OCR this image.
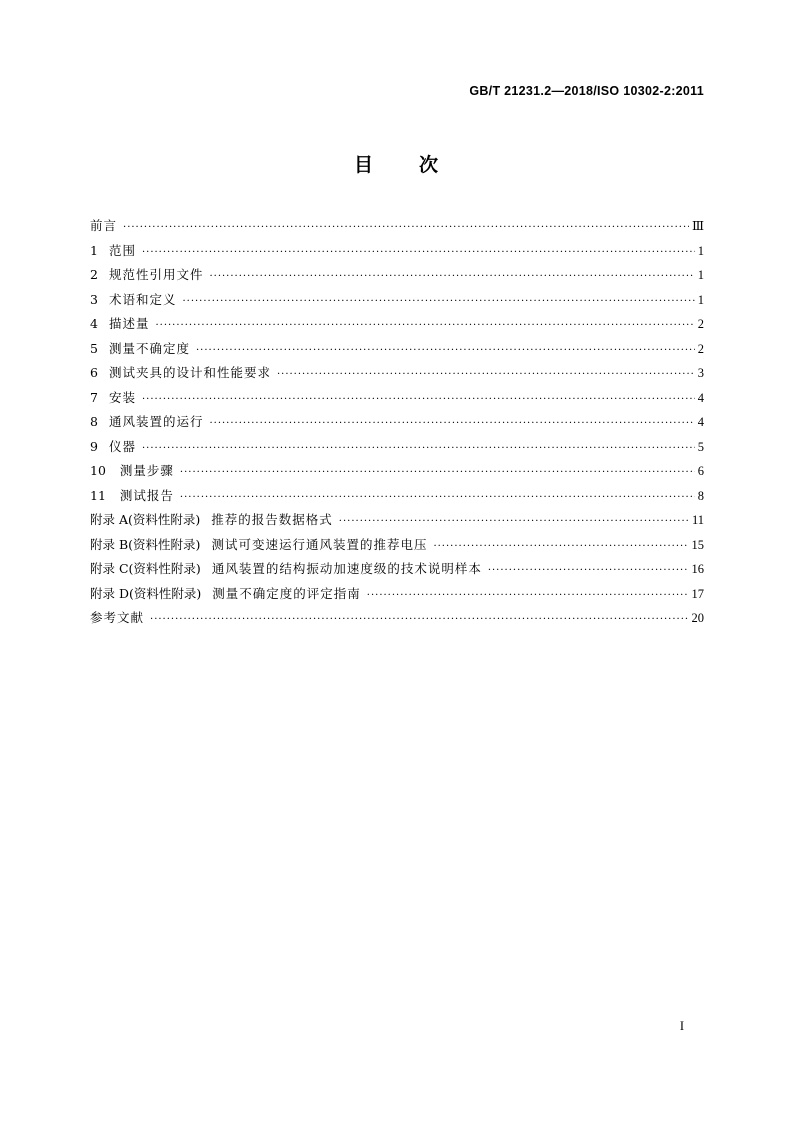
GB/T 21231.2—2018/ISO 10302-2:2011
目 次
前言 ·····	Ⅲ
1 范围 ·····	1
2 规范性引用文件 ·····	1
3 术语和定义 ·····	1
4 描述量 ·····	2
5 测量不确定度 ·····	2
6 测试夹具的设计和性能要求 ·····	3
7 安装 ·····	4
8 通风装置的运行 ·····	4
9 仪器 ·····	5
10	测量步骤 ·····	6
11	测试报告 ·····	8
附录 A(资料性附录) 推荐的报告数据格式 ·····	11
附录 B(资料性附录) 测试可变速运行通风装置的推荐电压 ·····	15
附录 C(资料性附录) 通风装置的结构振动加速度级的技术说明样本 ·····	16
附录 D(资料性附录) 测量不确定度的评定指南 ·····	17
参考文献 ·····	20
I
